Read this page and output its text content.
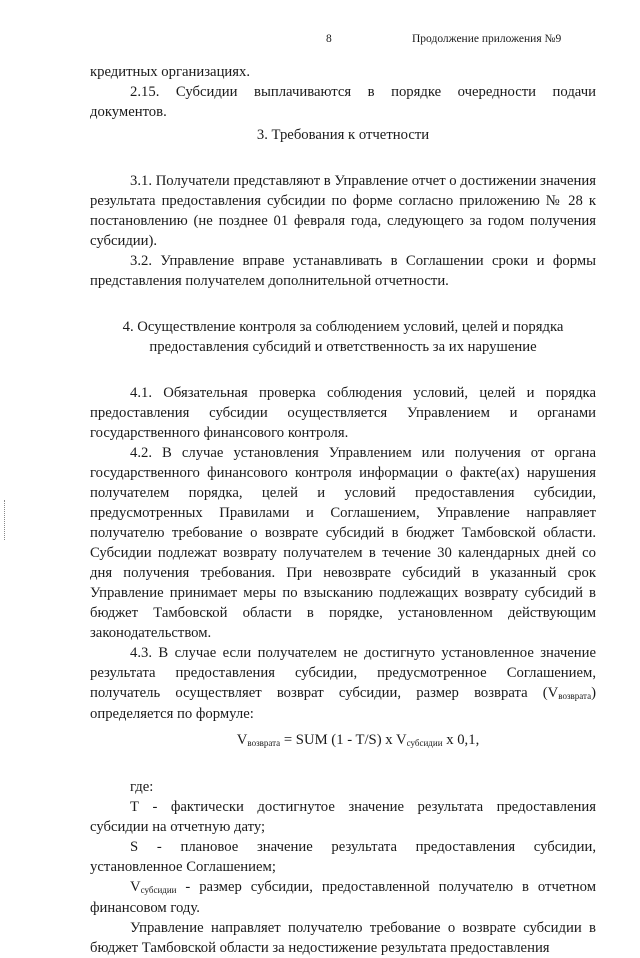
8	Продолжение приложения №9

кредитных организациях.

2.15. Субсидии выплачиваются в порядке очередности подачи документов.

3. Требования к отчетности

3.1. Получатели представляют в Управление отчет о достижении значения результата предоставления субсидии по форме согласно приложению № 28 к постановлению (не позднее 01 февраля года, следующего за годом получения субсидии).

3.2. Управление вправе устанавливать в Соглашении сроки и формы представления получателем дополнительной отчетности.

4. Осуществление контроля за соблюдением условий, целей и порядка
предоставления субсидий и ответственность за их нарушение

4.1. Обязательная проверка соблюдения условий, целей и порядка предоставления субсидии осуществляется Управлением и органами государственного финансового контроля.

4.2. В случае установления Управлением или получения от органа государственного финансового контроля информации о факте(ах) нарушения получателем порядка, целей и условий предоставления субсидии, предусмотренных Правилами и Соглашением, Управление направляет получателю требование о возврате субсидий в бюджет Тамбовской области. Субсидии подлежат возврату получателем в течение 30 календарных дней со дня получения требования. При невозврате субсидий в указанный срок Управление принимает меры по взысканию подлежащих возврату субсидий в бюджет Тамбовской области в порядке, установленном действующим законодательством.

4.3. В случае если получателем не достигнуто установленное значение результата предоставления субсидии, предусмотренное Соглашением, получатель осуществляет возврат субсидии, размер возврата (Vвозврата) определяется по формуле:

Vвозврата = SUM (1 - T/S) x Vсубсидии x 0,1,

где:

Т - фактически достигнутое значение результата предоставления субсидии на отчетную дату;

S - плановое значение результата предоставления субсидии, установленное Соглашением;

Vсубсидии - размер субсидии, предоставленной получателю в отчетном финансовом году.

Управление направляет получателю требование о возврате субсидии в бюджет Тамбовской области за недостижение результата предоставления
